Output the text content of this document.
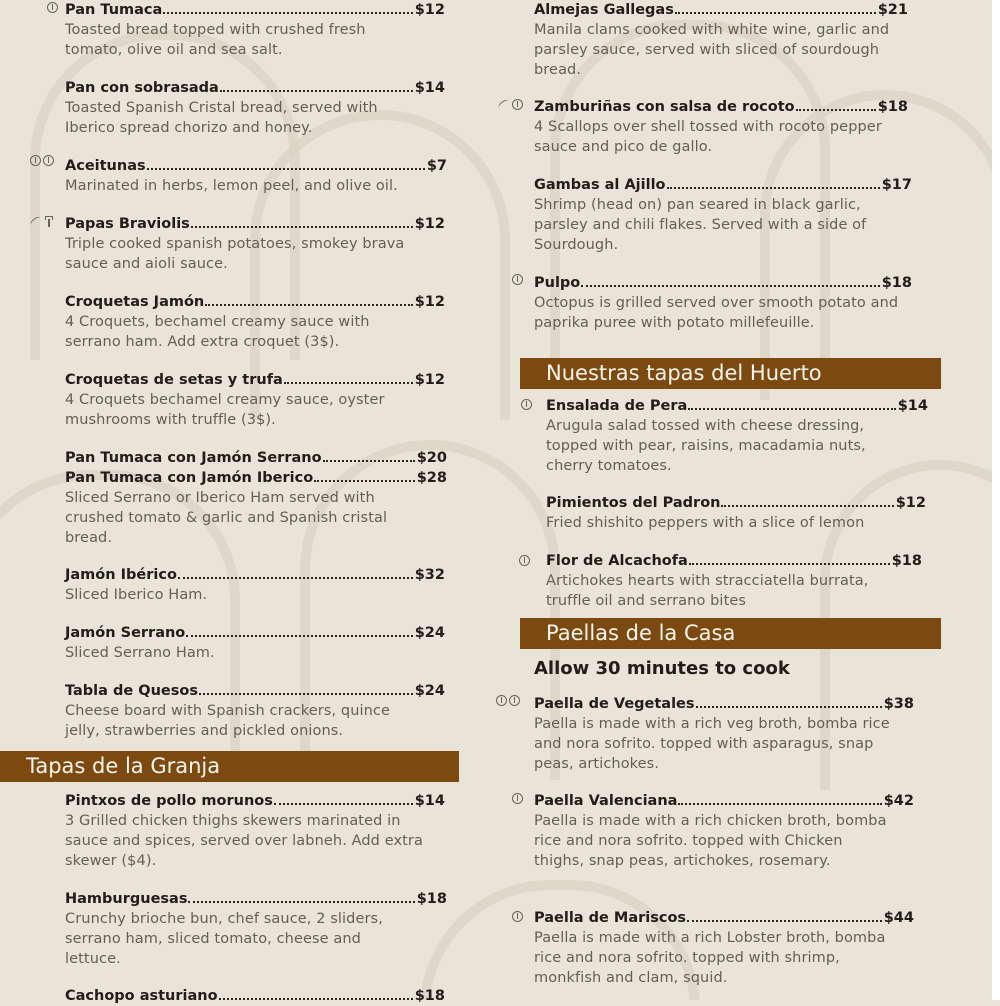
Pan Tumaca	$12
Toasted bread topped with crushed fresh tomato, olive oil and sea salt.
Pan con sobrasada	$14
Toasted Spanish Cristal bread, served with Iberico spread chorizo and honey.
Aceitunas	$7
Marinated in herbs, lemon peel, and olive oil.
Papas Braviolis	$12
Triple cooked spanish potatoes, smokey brava sauce and aioli sauce.
Croquetas Jamón	$12
4 Croquets, bechamel creamy sauce with serrano ham. Add extra croquet (3$).
Croquetas de setas y trufa	$12
4 Croquets bechamel creamy sauce, oyster mushrooms with truffle (3$).
Pan Tumaca con Jamón Serrano	$20
Pan Tumaca con Jamón Iberico	$28
Sliced Serrano or Iberico Ham served with crushed tomato & garlic and Spanish cristal bread.
Jamón Ibérico	$32
Sliced Iberico Ham.
Jamón Serrano	$24
Sliced Serrano Ham.
Tabla de Quesos	$24
Cheese board with Spanish crackers, quince jelly, strawberries and pickled onions.
Tapas de la Granja
Pintxos de pollo morunos	$14
3 Grilled chicken thighs skewers marinated in sauce and spices, served over labneh. Add extra skewer ($4).
Hamburguesas	$18
Crunchy brioche bun, chef sauce, 2 sliders, serrano ham, sliced tomato, cheese and lettuce.
Cachopo asturiano	$18
Almejas Gallegas	$21
Manila clams cooked with white wine, garlic and parsley sauce, served with sliced of sourdough bread.
Zamburiñas con salsa de rocoto	$18
4 Scallops over shell tossed with rocoto pepper sauce and pico de gallo.
Gambas al Ajillo	$17
Shrimp (head on) pan seared in black garlic, parsley and chili flakes. Served with a side of Sourdough.
Pulpo	$18
Octopus is grilled served over smooth potato and paprika puree with potato millefeuille.
Nuestras tapas del Huerto
Ensalada de Pera	$14
Arugula salad tossed with cheese dressing, topped with pear, raisins, macadamia nuts, cherry tomatoes.
Pimientos del Padron	$12
Fried shishito peppers with a slice of lemon
Flor de Alcachofa	$18
Artichokes hearts with stracciatella burrata, truffle oil and serrano bites
Paellas de la Casa
Allow 30 minutes to cook
Paella de Vegetales	$38
Paella is made with a rich veg broth, bomba rice and nora sofrito. topped with asparagus, snap peas, artichokes.
Paella Valenciana	$42
Paella is made with a rich chicken broth, bomba rice and nora sofrito. topped with Chicken thighs, snap peas, artichokes, rosemary.
Paella de Mariscos	$44
Paella is made with a rich Lobster broth, bomba rice and nora sofrito. topped with shrimp, monkfish and clam, squid.
